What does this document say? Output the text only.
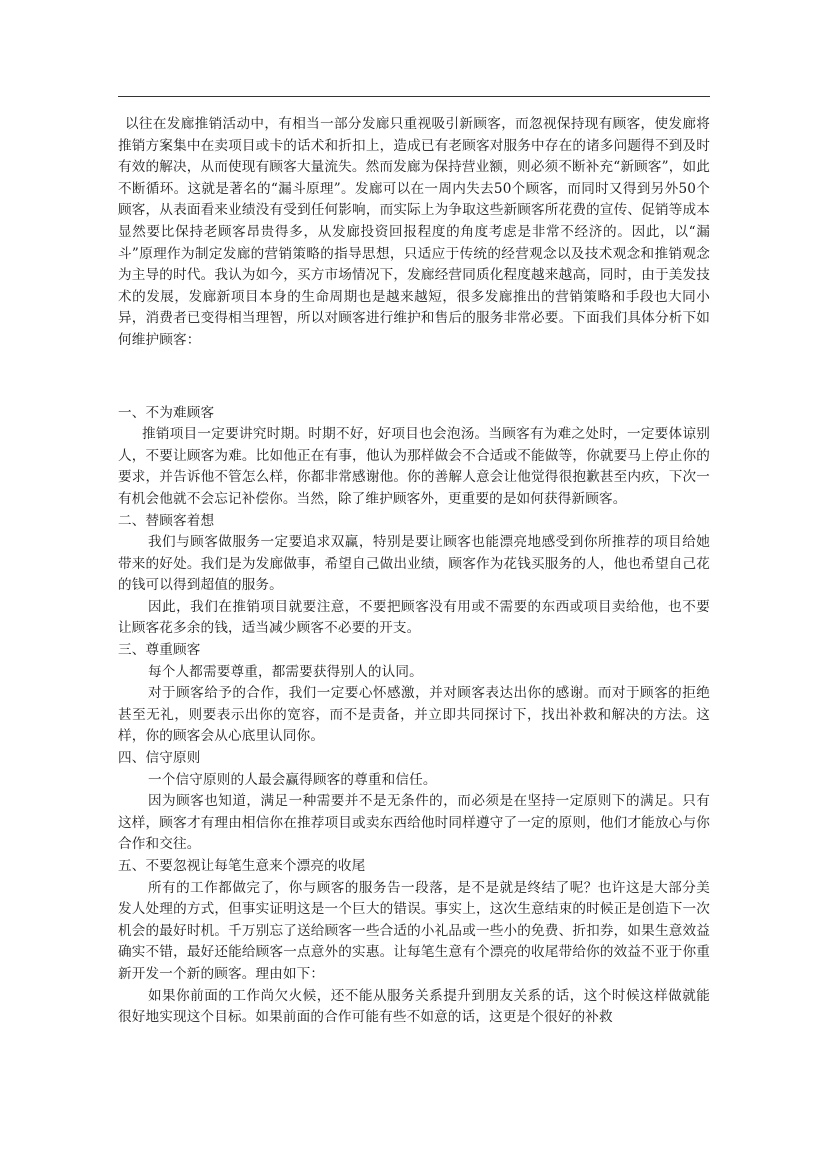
以往在发廊推销活动中，有相当一部分发廊只重视吸引新顾客，而忽视保持现有顾客，使发廊将推销方案集中在卖项目或卡的话术和折扣上，造成已有老顾客对服务中存在的诸多问题得不到及时有效的解决，从而使现有顾客大量流失。然而发廊为保持营业额，则必须不断补充“新顾客”，如此不断循环。这就是著名的“漏斗原理”。发廊可以在一周内失去50个顾客，而同时又得到另外50个顾客，从表面看来业绩没有受到任何影响，而实际上为争取这些新顾客所花费的宣传、促销等成本显然要比保持老顾客昂贵得多，从发廊投资回报程度的角度考虑是非常不经济的。因此，以“漏斗”原理作为制定发廊的营销策略的指导思想，只适应于传统的经营观念以及技术观念和推销观念为主导的时代。我认为如今，买方市场情况下，发廊经营同质化程度越来越高，同时，由于美发技术的发展，发廊新项目本身的生命周期也是越来越短，很多发廊推出的营销策略和手段也大同小异，消费者已变得相当理智，所以对顾客进行维护和售后的服务非常必要。下面我们具体分析下如何维护顾客：

一、不为难顾客

推销项目一定要讲究时期。时期不好，好项目也会泡汤。当顾客有为难之处时，一定要体谅别人，不要让顾客为难。比如他正在有事，他认为那样做会不合适或不能做等，你就要马上停止你的要求，并告诉他不管怎么样，你都非常感谢他。你的善解人意会让他觉得很抱歉甚至内疚，下次一有机会他就不会忘记补偿你。当然，除了维护顾客外，更重要的是如何获得新顾客。

二、替顾客着想

我们与顾客做服务一定要追求双赢，特别是要让顾客也能漂亮地感受到你所推荐的项目给她带来的好处。我们是为发廊做事，希望自己做出业绩，顾客作为花钱买服务的人，他也希望自己花的钱可以得到超值的服务。

因此，我们在推销项目就要注意，不要把顾客没有用或不需要的东西或项目卖给他，也不要让顾客花多余的钱，适当减少顾客不必要的开支。

三、尊重顾客

每个人都需要尊重，都需要获得别人的认同。

对于顾客给予的合作，我们一定要心怀感激，并对顾客表达出你的感谢。而对于顾客的拒绝甚至无礼，则要表示出你的宽容，而不是责备，并立即共同探讨下，找出补救和解决的方法。这样，你的顾客会从心底里认同你。

四、信守原则

一个信守原则的人最会赢得顾客的尊重和信任。

因为顾客也知道，满足一种需要并不是无条件的，而必须是在坚持一定原则下的满足。只有这样，顾客才有理由相信你在推荐项目或卖东西给他时同样遵守了一定的原则，他们才能放心与你合作和交往。

五、不要忽视让每笔生意来个漂亮的收尾

所有的工作都做完了，你与顾客的服务告一段落，是不是就是终结了呢？也许这是大部分美发人处理的方式，但事实证明这是一个巨大的错误。事实上，这次生意结束的时候正是创造下一次机会的最好时机。千万别忘了送给顾客一些合适的小礼品或一些小的免费、折扣券，如果生意效益确实不错，最好还能给顾客一点意外的实惠。让每笔生意有个漂亮的收尾带给你的效益不亚于你重新开发一个新的顾客。理由如下：

如果你前面的工作尚欠火候，还不能从服务关系提升到朋友关系的话，这个时候这样做就能很好地实现这个目标。如果前面的合作可能有些不如意的话，这更是个很好的补救
